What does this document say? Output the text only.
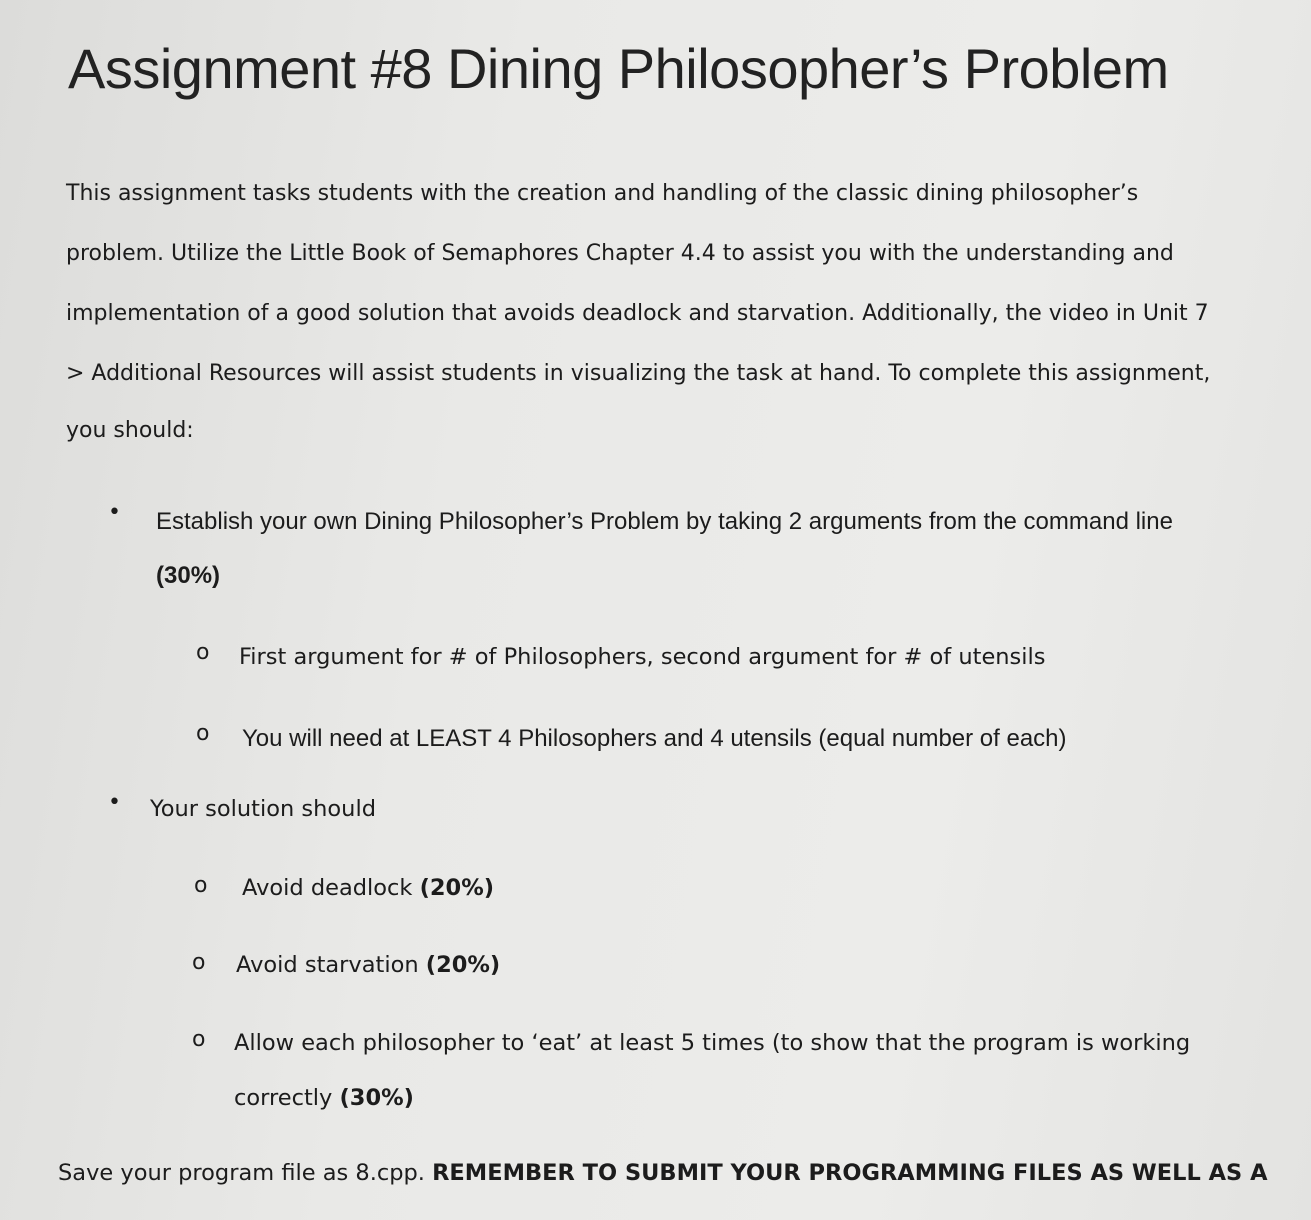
Assignment #8 Dining Philosopher’s Problem
This assignment tasks students with the creation and handling of the classic dining philosopher’s
problem. Utilize the Little Book of Semaphores Chapter 4.4 to assist you with the understanding and
implementation of a good solution that avoids deadlock and starvation. Additionally, the video in Unit 7
> Additional Resources will assist students in visualizing the task at hand. To complete this assignment,
you should:
• Establish your own Dining Philosopher’s Problem by taking 2 arguments from the command line
(30%)
o First argument for # of Philosophers, second argument for # of utensils
o You will need at LEAST 4 Philosophers and 4 utensils (equal number of each)
• Your solution should
o Avoid deadlock (20%)
o Avoid starvation (20%)
o Allow each philosopher to ‘eat’ at least 5 times (to show that the program is working
correctly (30%)
Save your program file as 8.cpp. REMEMBER TO SUBMIT YOUR PROGRAMMING FILES AS WELL AS A
